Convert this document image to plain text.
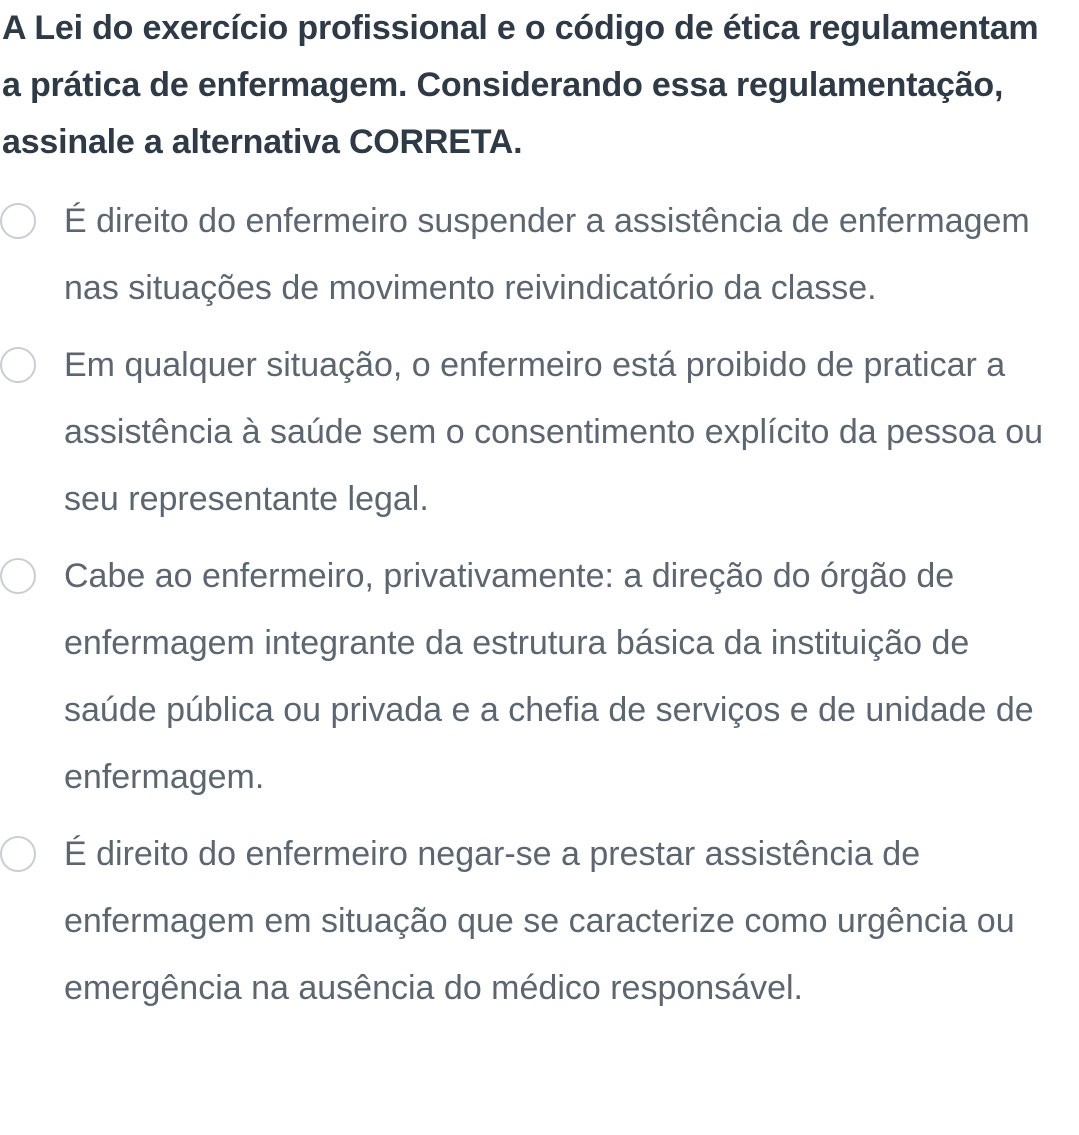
A Lei do exercício profissional e o código de ética regulamentam a prática de enfermagem. Considerando essa regulamentação, assinale a alternativa CORRETA.

É direito do enfermeiro suspender a assistência de enfermagem nas situações de movimento reivindicatório da classe.
Em qualquer situação, o enfermeiro está proibido de praticar a assistência à saúde sem o consentimento explícito da pessoa ou seu representante legal.
Cabe ao enfermeiro, privativamente: a direção do órgão de enfermagem integrante da estrutura básica da instituição de saúde pública ou privada e a chefia de serviços e de unidade de enfermagem.
É direito do enfermeiro negar-se a prestar assistência de enfermagem em situação que se caracterize como urgência ou emergência na ausência do médico responsável.
